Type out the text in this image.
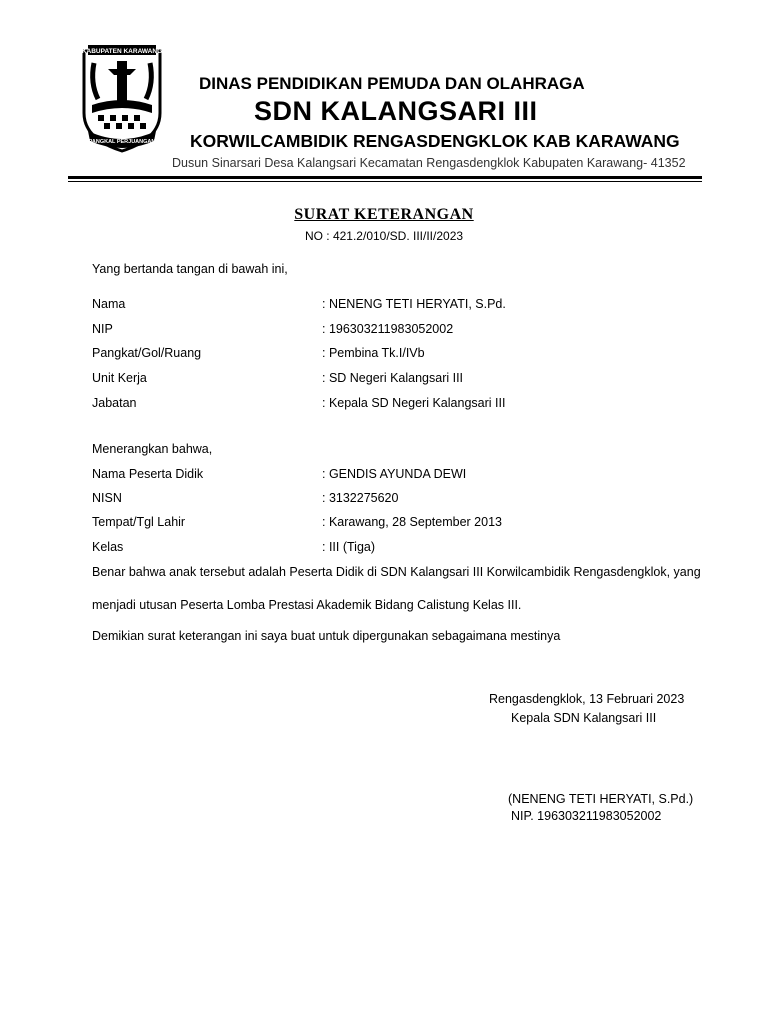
KABUPATEN KARAWANG
PANGKAL PERJUANGAN
DINAS PENDIDIKAN PEMUDA DAN OLAHRAGA
SDN KALANGSARI III
KORWILCAMBIDIK RENGASDENGKLOK KAB KARAWANG
Dusun Sinarsari Desa Kalangsari Kecamatan Rengasdengklok Kabupaten Karawang- 41352
SURAT KETERANGAN
NO : 421.2/010/SD. III/II/2023
Yang bertanda tangan di bawah ini,
Nama	: NENENG TETI HERYATI, S.Pd.
NIP	: 196303211983052002
Pangkat/Gol/Ruang	: Pembina Tk.I/IVb
Unit Kerja	: SD Negeri Kalangsari III
Jabatan	: Kepala SD Negeri Kalangsari III
Menerangkan bahwa,
Nama Peserta Didik	: GENDIS AYUNDA DEWI
NISN	: 3132275620
Tempat/Tgl Lahir	: Karawang, 28 September 2013
Kelas	: III (Tiga)
Benar bahwa anak tersebut adalah Peserta Didik di SDN Kalangsari III Korwilcambidik Rengasdengklok, yang
menjadi utusan Peserta Lomba Prestasi Akademik Bidang Calistung Kelas III.
Demikian surat keterangan ini saya buat untuk dipergunakan sebagaimana mestinya
Rengasdengklok, 13 Februari 2023
Kepala SDN Kalangsari III
(NENENG TETI HERYATI, S.Pd.)
NIP. 196303211983052002
